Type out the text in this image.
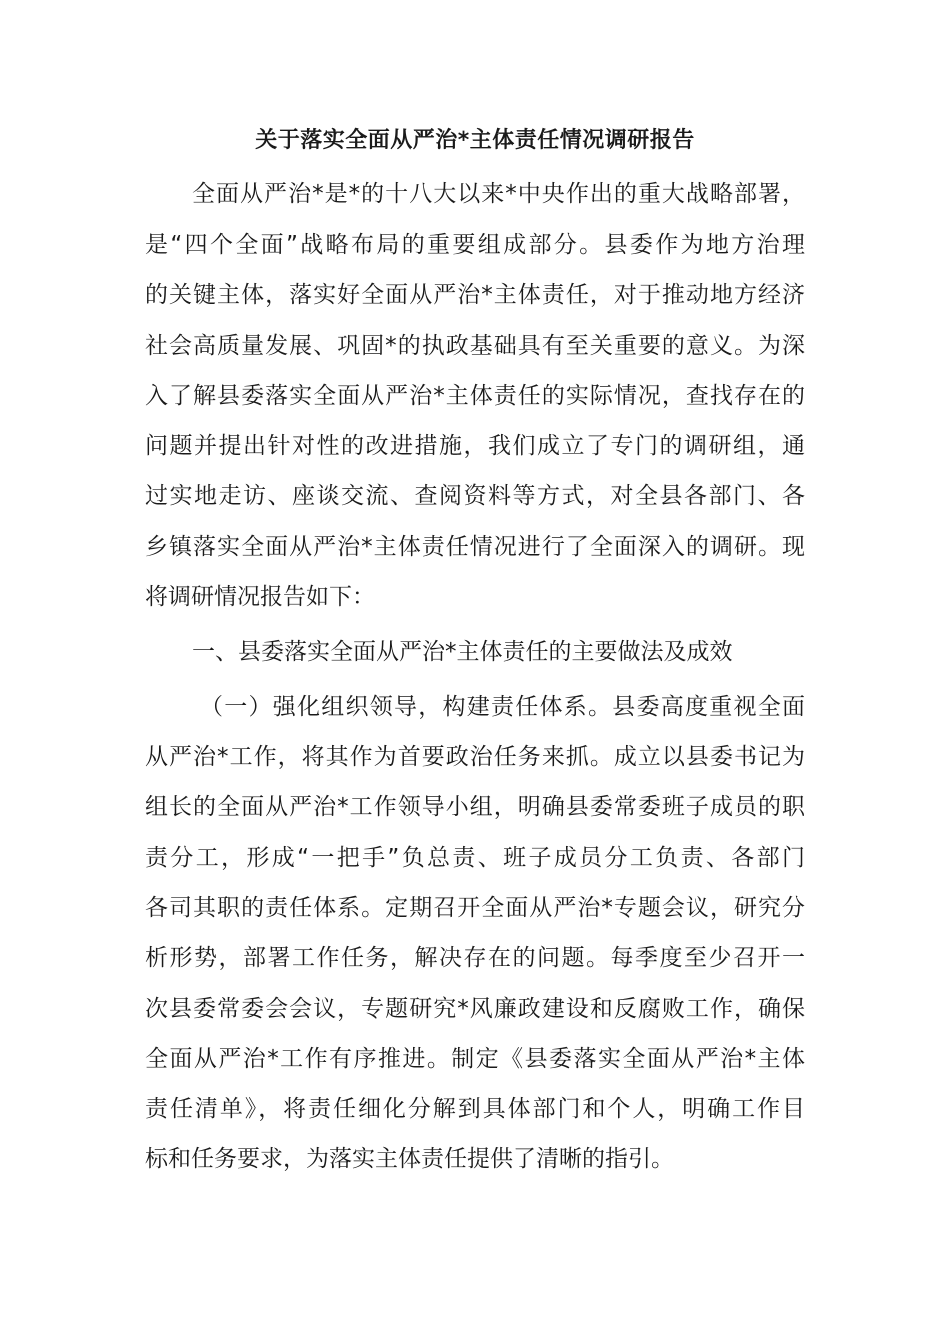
关于落实全面从严治*主体责任情况调研报告
全面从严治*是*的十八大以来*中央作出的重大战略部署，
是“四个全面”战略布局的重要组成部分。县委作为地方治理
的关键主体，落实好全面从严治*主体责任，对于推动地方经济
社会高质量发展、巩固*的执政基础具有至关重要的意义。为深
入了解县委落实全面从严治*主体责任的实际情况，查找存在的
问题并提出针对性的改进措施，我们成立了专门的调研组，通
过实地走访、座谈交流、查阅资料等方式，对全县各部门、各
乡镇落实全面从严治*主体责任情况进行了全面深入的调研。现
将调研情况报告如下：
一、县委落实全面从严治*主体责任的主要做法及成效
（一）强化组织领导，构建责任体系。县委高度重视全面
从严治*工作，将其作为首要政治任务来抓。成立以县委书记为
组长的全面从严治*工作领导小组，明确县委常委班子成员的职
责分工，形成“一把手”负总责、班子成员分工负责、各部门
各司其职的责任体系。定期召开全面从严治*专题会议，研究分
析形势，部署工作任务，解决存在的问题。每季度至少召开一
次县委常委会会议，专题研究*风廉政建设和反腐败工作，确保
全面从严治*工作有序推进。制定《县委落实全面从严治*主体
责任清单》，将责任细化分解到具体部门和个人，明确工作目
标和任务要求，为落实主体责任提供了清晰的指引。
